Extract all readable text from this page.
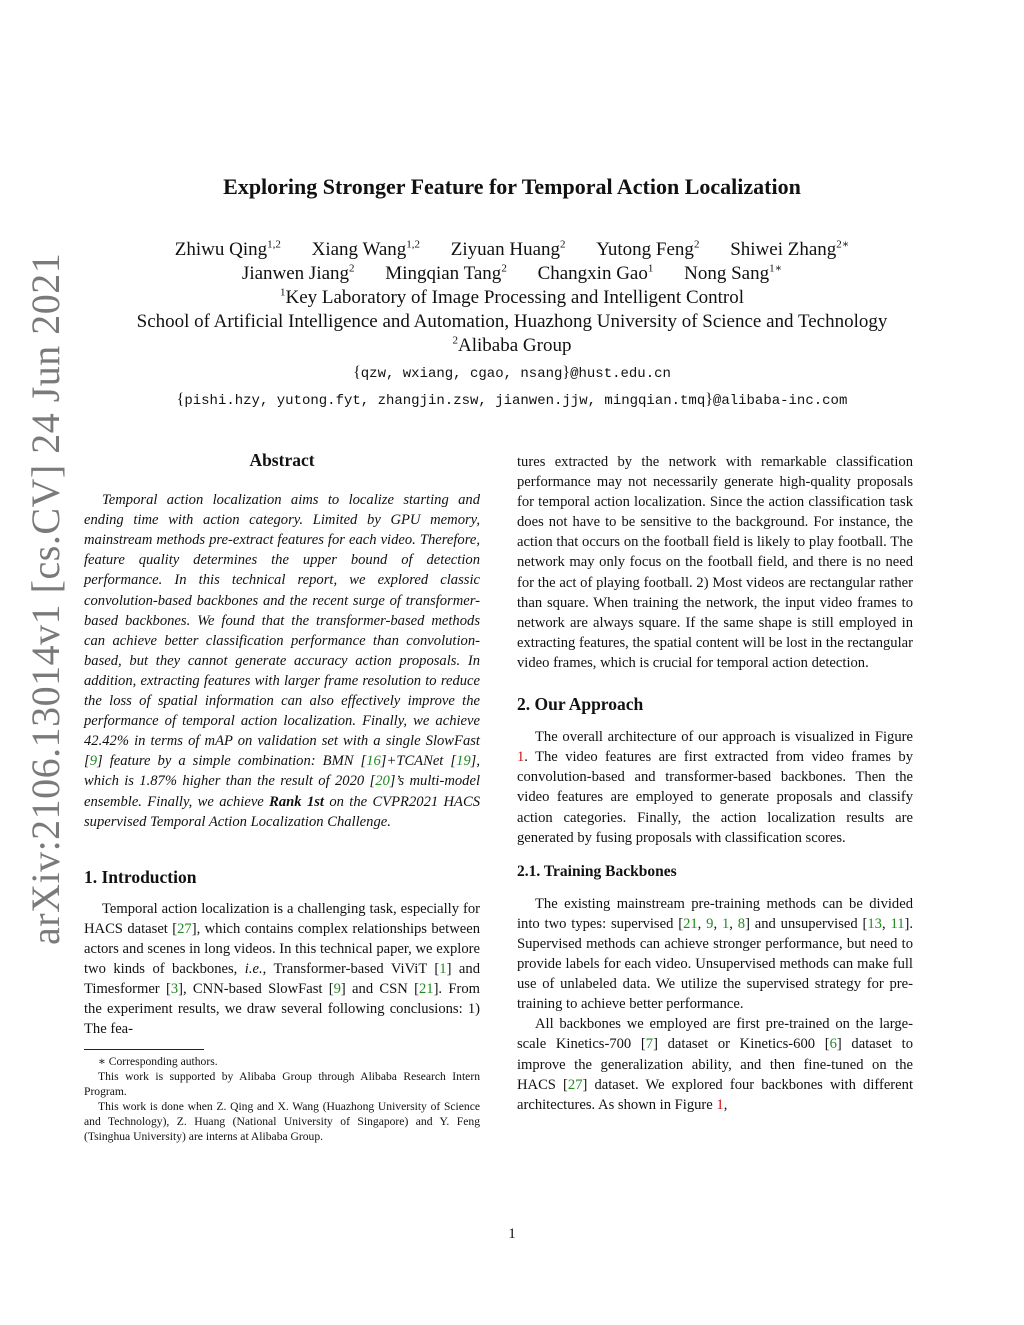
arXiv:2106.13014v1 [cs.CV] 24 Jun 2021
Exploring Stronger Feature for Temporal Action Localization
Zhiwu Qing$^{1,2}$ Xiang Wang$^{1,2}$ Ziyuan Huang$^2$ Yutong Feng$^2$ Shiwei Zhang$^{2∗}$
Jianwen Jiang$^2$ Mingqian Tang$^2$ Changxin Gao$^1$ Nong Sang$^{1∗}$
$^1$Key Laboratory of Image Processing and Intelligent Control
School of Artificial Intelligence and Automation, Huazhong University of Science and Technology
$^2$Alibaba Group
{qzw, wxiang, cgao, nsang}@hust.edu.cn
{pishi.hzy, yutong.fyt, zhangjin.zsw, jianwen.jjw, mingqian.tmq}@alibaba-inc.com
Abstract

Temporal action localization aims to localize starting and ending time with action category. Limited by GPU memory, mainstream methods pre-extract features for each video. Therefore, feature quality determines the upper bound of detection performance. In this technical report, we explored classic convolution-based backbones and the recent surge of transformer-based backbones. We found that the transformer-based methods can achieve better classification performance than convolution-based, but they cannot generate accuracy action proposals. In addition, extracting features with larger frame resolution to reduce the loss of spatial information can also effectively improve the performance of temporal action localization. Finally, we achieve 42.42% in terms of mAP on validation set with a single SlowFast [9] feature by a simple combination: BMN [16]+TCANet [19], which is 1.87% higher than the result of 2020 [20]’s multi-model ensemble. Finally, we achieve Rank 1st on the CVPR2021 HACS supervised Temporal Action Localization Challenge.

1. Introduction

Temporal action localization is a challenging task, especially for HACS dataset [27], which contains complex relationships between actors and scenes in long videos. In this technical paper, we explore two kinds of backbones, i.e., Transformer-based ViViT [1] and Timesformer [3], CNN-based SlowFast [9] and CSN [21]. From the experiment results, we draw several following conclusions: 1) The fea-

∗ Corresponding authors.

This work is supported by Alibaba Group through Alibaba Research Intern Program.

This work is done when Z. Qing and X. Wang (Huazhong University of Science and Technology), Z. Huang (National University of Singapore) and Y. Feng (Tsinghua University) are interns at Alibaba Group.

tures extracted by the network with remarkable classification performance may not necessarily generate high-quality proposals for temporal action localization. Since the action classification task does not have to be sensitive to the background. For instance, the action that occurs on the football field is likely to play football. The network may only focus on the football field, and there is no need for the act of playing football. 2) Most videos are rectangular rather than square. When training the network, the input video frames to network are always square. If the same shape is still employed in extracting features, the spatial content will be lost in the rectangular video frames, which is crucial for temporal action detection.

2. Our Approach

The overall architecture of our approach is visualized in Figure 1. The video features are first extracted from video frames by convolution-based and transformer-based backbones. Then the video features are employed to generate proposals and classify action categories. Finally, the action localization results are generated by fusing proposals with classification scores.

2.1. Training Backbones

The existing mainstream pre-training methods can be divided into two types: supervised [21, 9, 1, 8] and unsupervised [13, 11]. Supervised methods can achieve stronger performance, but need to provide labels for each video. Unsupervised methods can make full use of unlabeled data. We utilize the supervised strategy for pre-training to achieve better performance.

All backbones we employed are first pre-trained on the large-scale Kinetics-700 [7] dataset or Kinetics-600 [6] dataset to improve the generalization ability, and then fine-tuned on the HACS [27] dataset. We explored four backbones with different architectures. As shown in Figure 1,

1
